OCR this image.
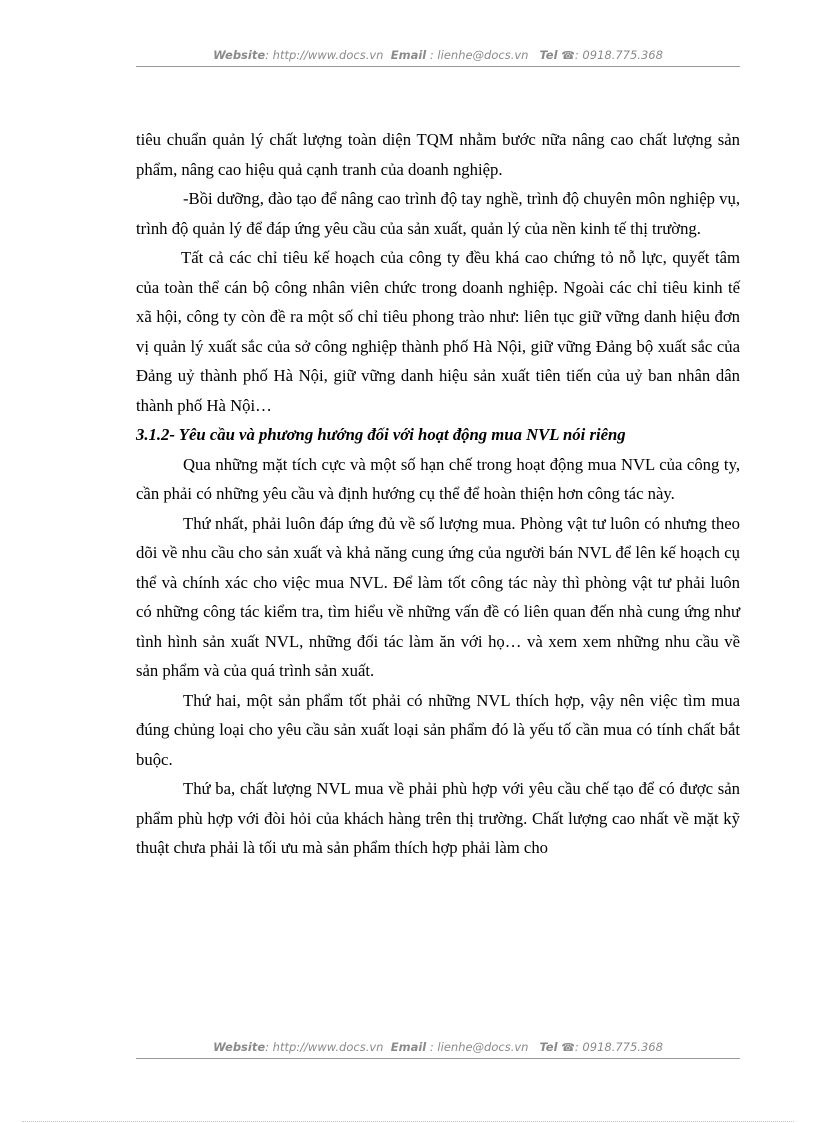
Website: http://www.docs.vn Email : lienhe@docs.vn Tel ☎: 0918.775.368

tiêu chuẩn quản lý chất lượng toàn diện TQM nhằm bước nữa nâng cao chất lượng sản phẩm, nâng cao hiệu quả cạnh tranh của doanh nghiệp.

-Bồi dưỡng, đào tạo để nâng cao trình độ tay nghề, trình độ chuyên môn nghiệp vụ, trình độ quản lý để đáp ứng yêu cầu của sản xuất, quản lý của nền kinh tế thị trường.

Tất cả các chỉ tiêu kế hoạch của công ty đều khá cao chứng tỏ nỗ lực, quyết tâm của toàn thể cán bộ công nhân viên chức trong doanh nghiệp. Ngoài các chỉ tiêu kinh tế xã hội, công ty còn đề ra một số chỉ tiêu phong trào như: liên tục giữ vững danh hiệu đơn vị quản lý xuất sắc của sở công nghiệp thành phố Hà Nội, giữ vững Đảng bộ xuất sắc của Đảng uỷ thành phố Hà Nội, giữ vững danh hiệu sản xuất tiên tiến của uỷ ban nhân dân thành phố Hà Nội…

3.1.2- Yêu cầu và phương hướng đối với hoạt động mua NVL nói riêng

Qua những mặt tích cực và một số hạn chế trong hoạt động mua NVL của công ty, cần phải có những yêu cầu và định hướng cụ thể để hoàn thiện hơn công tác này.

Thứ nhất, phải luôn đáp ứng đủ về số lượng mua. Phòng vật tư luôn có nhưng theo dõi về nhu cầu cho sản xuất và khả năng cung ứng của người bán NVL để lên kế hoạch cụ thể và chính xác cho việc mua NVL. Để làm tốt công tác này thì phòng vật tư phải luôn có những công tác kiểm tra, tìm hiểu về những vấn đề có liên quan đến nhà cung ứng như tình hình sản xuất NVL, những đối tác làm ăn với họ… và xem xem những nhu cầu về sản phẩm và của quá trình sản xuất.

Thứ hai, một sản phẩm tốt phải có những NVL thích hợp, vậy nên việc tìm mua đúng chủng loại cho yêu cầu sản xuất loại sản phẩm đó là yếu tố cần mua có tính chất bắt buộc.

Thứ ba, chất lượng NVL mua về phải phù hợp với yêu cầu chế tạo để có được sản phẩm phù hợp với đòi hỏi của khách hàng trên thị trường. Chất lượng cao nhất về mặt kỹ thuật chưa phải là tối ưu mà sản phẩm thích hợp phải làm cho

Website: http://www.docs.vn Email : lienhe@docs.vn Tel ☎: 0918.775.368
